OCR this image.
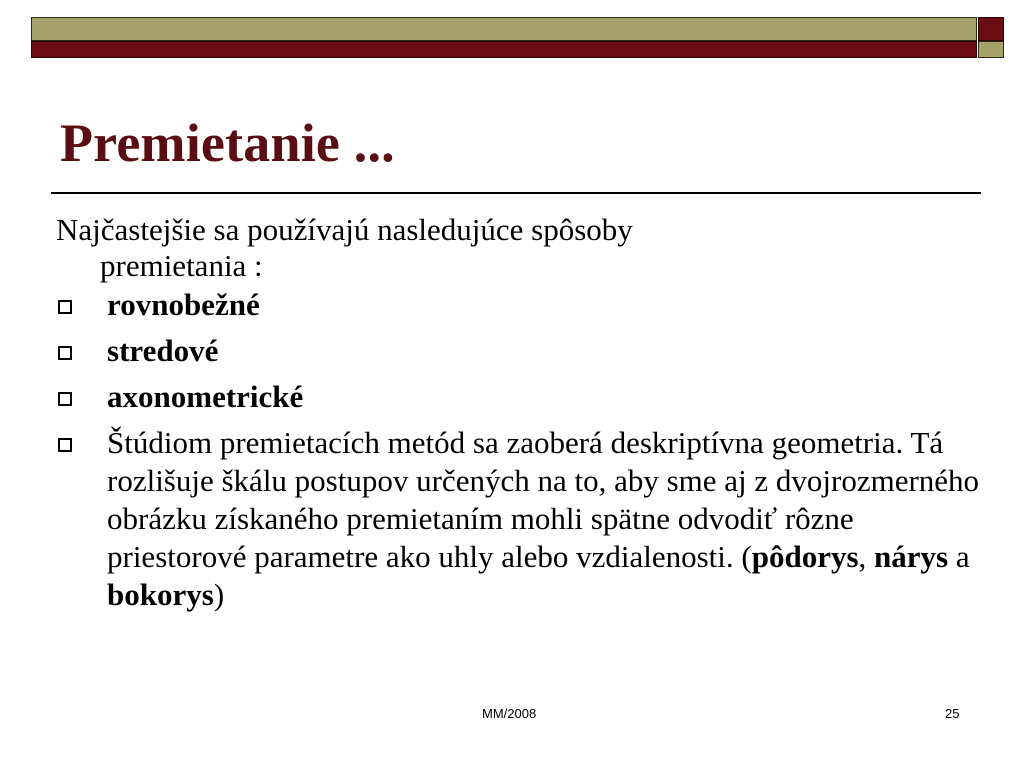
Premietanie ...

Najčastejšie sa používajú nasledujúce spôsoby
premietania :

rovnobežné
stredové
axonometrické
Štúdiom premietacích metód sa zaoberá deskriptívna geometria. Tá rozlišuje škálu postupov určených na to, aby sme aj z dvojrozmerného obrázku získaného premietaním mohli spätne odvodiť rôzne priestorové parametre ako uhly alebo vzdialenosti. (pôdorys, nárys a bokorys)
MM/2008	25
